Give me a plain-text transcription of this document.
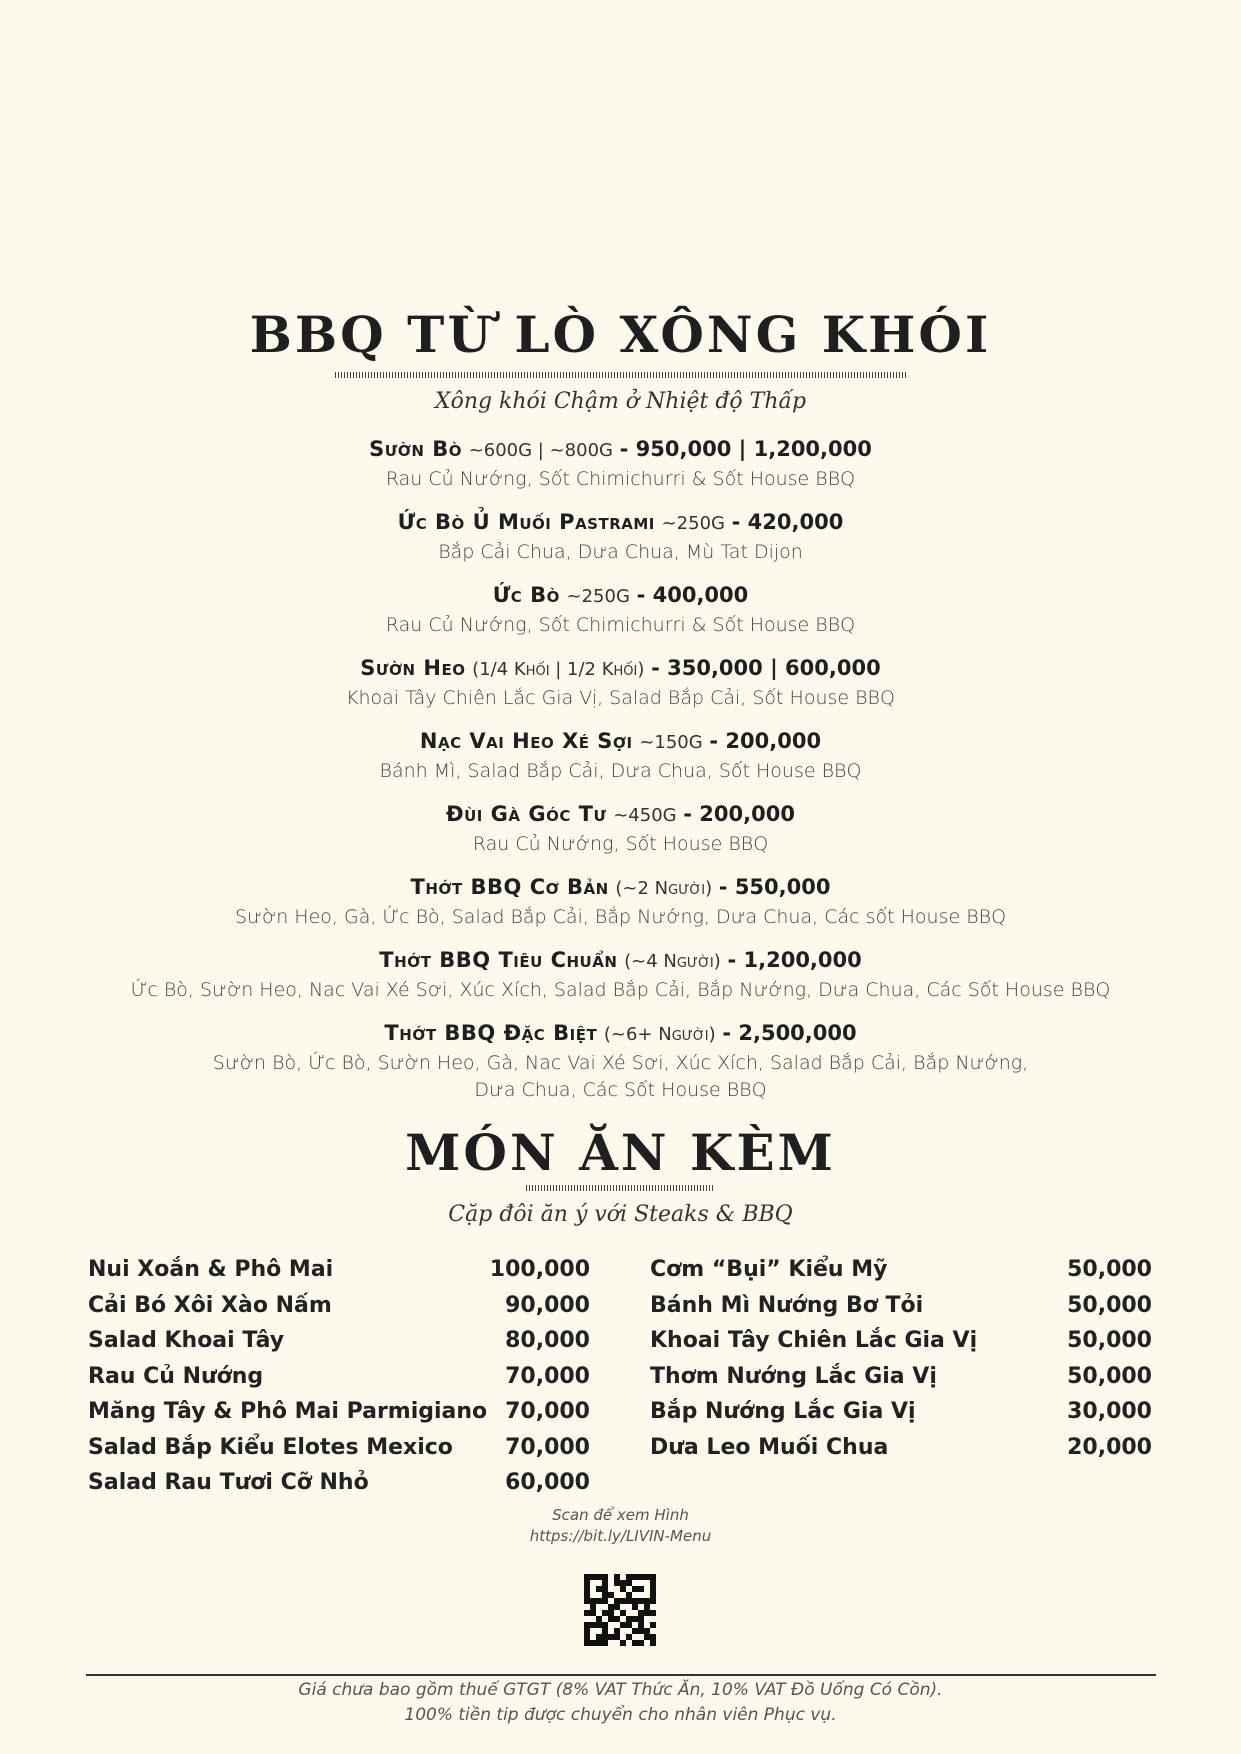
BBQ TỪ LÒ XÔNG KHÓI
Xông khói Chậm ở Nhiệt độ Thấp
Sườn Bò ~600G | ~800G - 950,000 | 1,200,000
Rau Củ Nướng, Sốt Chimichurri & Sốt House BBQ
Ức Bò Ủ Muối Pastrami ~250G - 420,000
Bắp Cải Chua, Dưa Chua, Mù Tat Dijon
Ức Bò ~250G - 400,000
Rau Củ Nướng, Sốt Chimichurri & Sốt House BBQ
Sườn Heo (1/4 Khối | 1/2 Khối) - 350,000 | 600,000
Khoai Tây Chiên Lắc Gia Vị, Salad Bắp Cải, Sốt House BBQ
Nạc Vai Heo Xé Sợi ~150G - 200,000
Bánh Mì, Salad Bắp Cải, Dưa Chua, Sốt House BBQ
Đùi Gà Góc Tư ~450G - 200,000
Rau Củ Nướng, Sốt House BBQ
Thớt BBQ Cơ Bản (~2 Người) - 550,000
Sườn Heo, Gà, Ức Bò, Salad Bắp Cải, Bắp Nướng, Dưa Chua, Các sốt House BBQ
Thớt BBQ Tiêu Chuẩn (~4 Người) - 1,200,000
Ức Bò, Sườn Heo, Nac Vai Xé Sơi, Xúc Xích, Salad Bắp Cải, Bắp Nướng, Dưa Chua, Các Sốt House BBQ
Thớt BBQ Đặc Biệt (~6+ Người) - 2,500,000
Sườn Bò, Ức Bò, Sườn Heo, Gà, Nac Vai Xé Sơi, Xúc Xích, Salad Bắp Cải, Bắp Nướng,
Dưa Chua, Các Sốt House BBQ
MÓN ĂN KÈM
Cặp đôi ăn ý với Steaks & BBQ
Nui Xoắn & Phô Mai	100,000
Cải Bó Xôi Xào Nấm	90,000
Salad Khoai Tây	80,000
Rau Củ Nướng	70,000
Măng Tây & Phô Mai Parmigiano 70,000
Salad Bắp Kiểu Elotes Mexico 70,000
Salad Rau Tươi Cỡ Nhỏ	60,000
Cơm “Bụi” Kiểu Mỹ	50,000
Bánh Mì Nướng Bơ Tỏi	50,000
Khoai Tây Chiên Lắc Gia Vị	50,000
Thơm Nướng Lắc Gia Vị	50,000
Bắp Nướng Lắc Gia Vị	30,000
Dưa Leo Muối Chua	20,000
Scan để xem Hình
https://bit.ly/LIVIN-Menu
Giá chưa bao gồm thuế GTGT (8% VAT Thức Ăn, 10% VAT Đồ Uống Có Cồn).
100% tiền tip được chuyển cho nhân viên Phục vụ.
